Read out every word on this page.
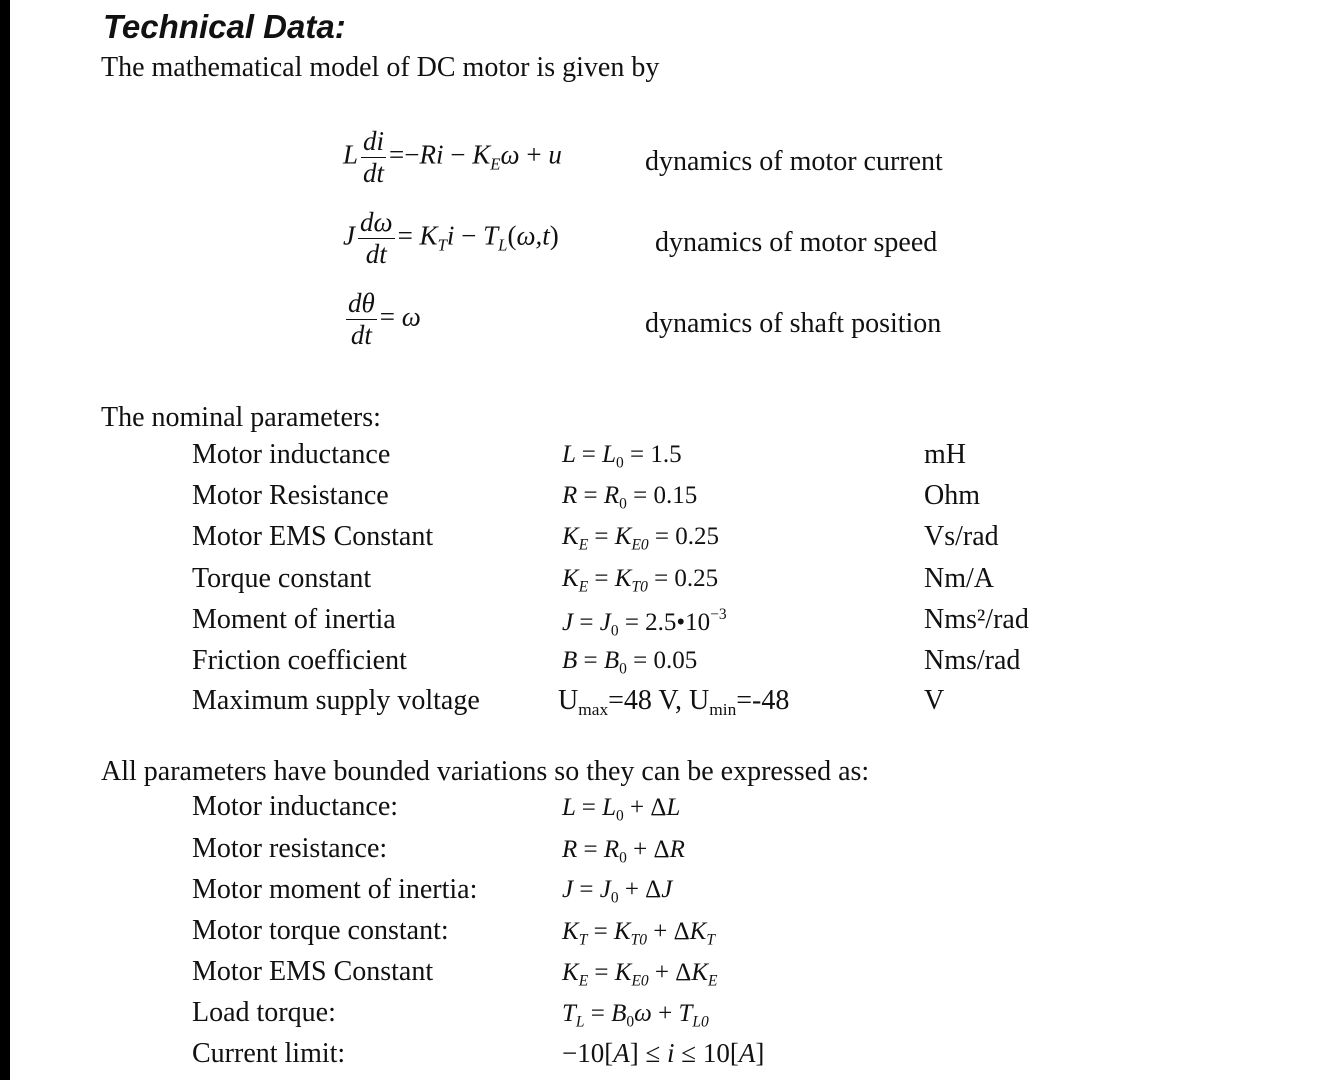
Technical Data:
The mathematical model of DC motor is given by
L $\frac{di}{dt} =-Ri - K_E\omega + u$	dynamics of motor current
J $\frac{d\omega}{dt} = K_Ti - T_L(\omega,t)$	dynamics of motor speed
$\frac{d\theta}{dt} = \omega$	dynamics of shaft position
The nominal parameters:
Motor inductance	$L = L_0 = 1.5$	mH
Motor Resistance	$R = R_0 = 0.15$	Ohm
Motor EMS Constant	$K_E = K_{E0} = 0.25$	Vs/rad
Torque constant	$K_E = K_{T0} = 0.25$	Nm/A
Moment of inertia	$J = J_0$ = $2.5•10^{-3}$	Nms²/rad
Friction coefficient	$B = B_0 = 0.05$	Nms/rad
Maximum supply voltage	$U_{max}=48$ V, $U_{min}=-48$	V
All parameters have bounded variations so they can be expressed as:
Motor inductance:	$L = L_0 + \Delta L$
Motor resistance:	$R = R_0 + \Delta R$
Motor moment of inertia:	$J = J_0 + \Delta J$
Motor torque constant:	$K_T = K_{T0} + \Delta K_T$
Motor EMS Constant	$K_E = K_{E0} + \Delta K_E$
Load torque:	$T_L = B_0\omega + T_{L0}$
Current limit:	−10[A] ≤ i ≤ 10[A]
